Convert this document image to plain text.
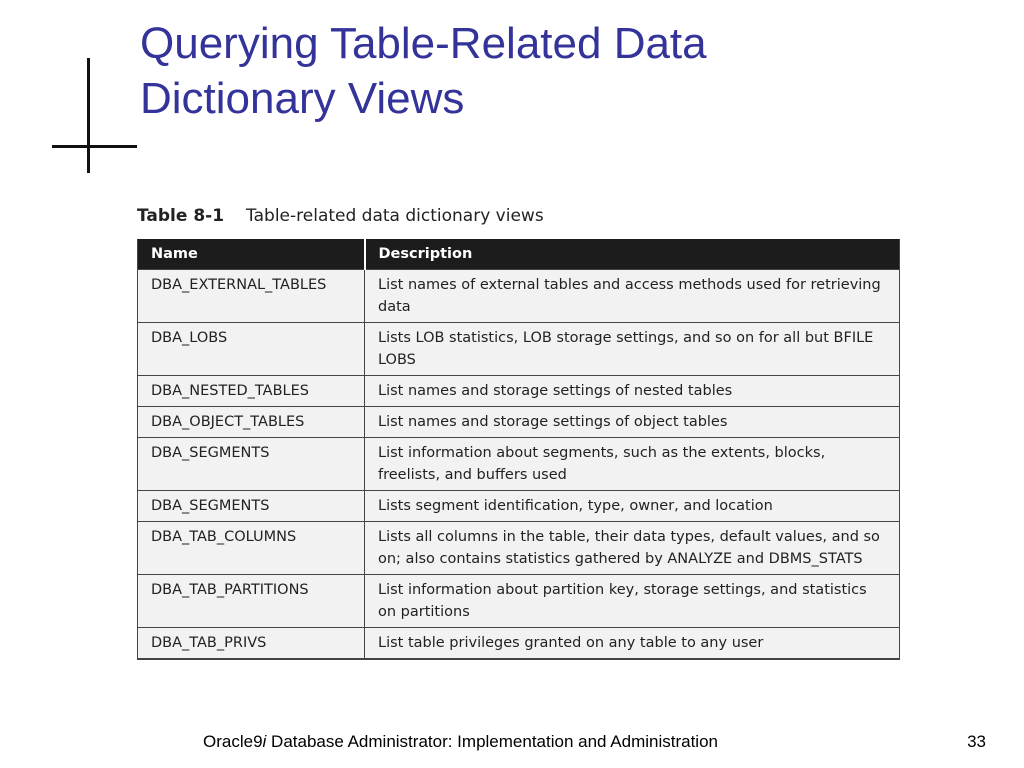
Querying Table-Related Data
Dictionary Views
Table 8-1 Table-related data dictionary views
Name	Description
DBA_EXTERNAL_TABLES	List names of external tables and access methods used for retrieving data
DBA_LOBS	Lists LOB statistics, LOB storage settings, and so on for all but BFILE LOBS
DBA_NESTED_TABLES	List names and storage settings of nested tables
DBA_OBJECT_TABLES	List names and storage settings of object tables
DBA_SEGMENTS	List information about segments, such as the extents, blocks, freelists, and buffers used
DBA_SEGMENTS	Lists segment identification, type, owner, and location
DBA_TAB_COLUMNS	Lists all columns in the table, their data types, default values, and so on; also contains statistics gathered by ANALYZE and DBMS_STATS
DBA_TAB_PARTITIONS	List information about partition key, storage settings, and statistics on partitions
DBA_TAB_PRIVS	List table privileges granted on any table to any user
Oracle9i Database Administrator: Implementation and Administration	33
